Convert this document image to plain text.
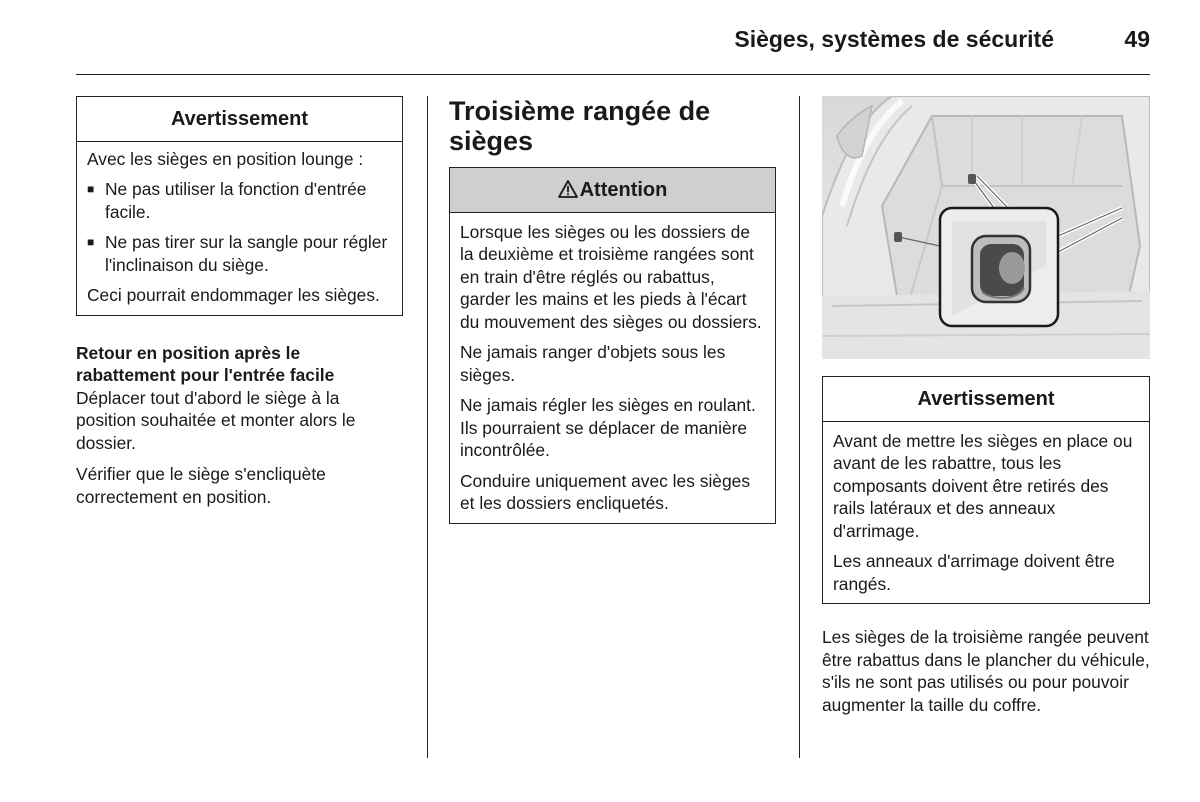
Sièges, systèmes de sécurité	49
Avertissement

Avec les sièges en position lounge :

■ Ne pas utiliser la fonction d'entrée facile.
■ Ne pas tirer sur la sangle pour régler l'inclinaison du siège.

Ceci pourrait endommager les sièges.

Retour en position après le rabattement pour l'entrée facile

Déplacer tout d'abord le siège à la position souhaitée et monter alors le dossier.

Vérifier que le siège s'encliquète correctement en position.

Troisième rangée de sièges
Attention

Lorsque les sièges ou les dossiers de la deuxième et troisième rangées sont en train d'être réglés ou rabattus, garder les mains et les pieds à l'écart du mouvement des sièges ou dossiers.

Ne jamais ranger d'objets sous les sièges.

Ne jamais régler les sièges en roulant. Ils pourraient se déplacer de manière incontrôlée.

Conduire uniquement avec les sièges et les dossiers encliquetés.

Avertissement

Avant de mettre les sièges en place ou avant de les rabattre, tous les composants doivent être retirés des rails latéraux et des anneaux d'arrimage.

Les anneaux d'arrimage doivent être rangés.

Les sièges de la troisième rangée peuvent être rabattus dans le plancher du véhicule, s'ils ne sont pas utilisés ou pour pouvoir augmenter la taille du coffre.
